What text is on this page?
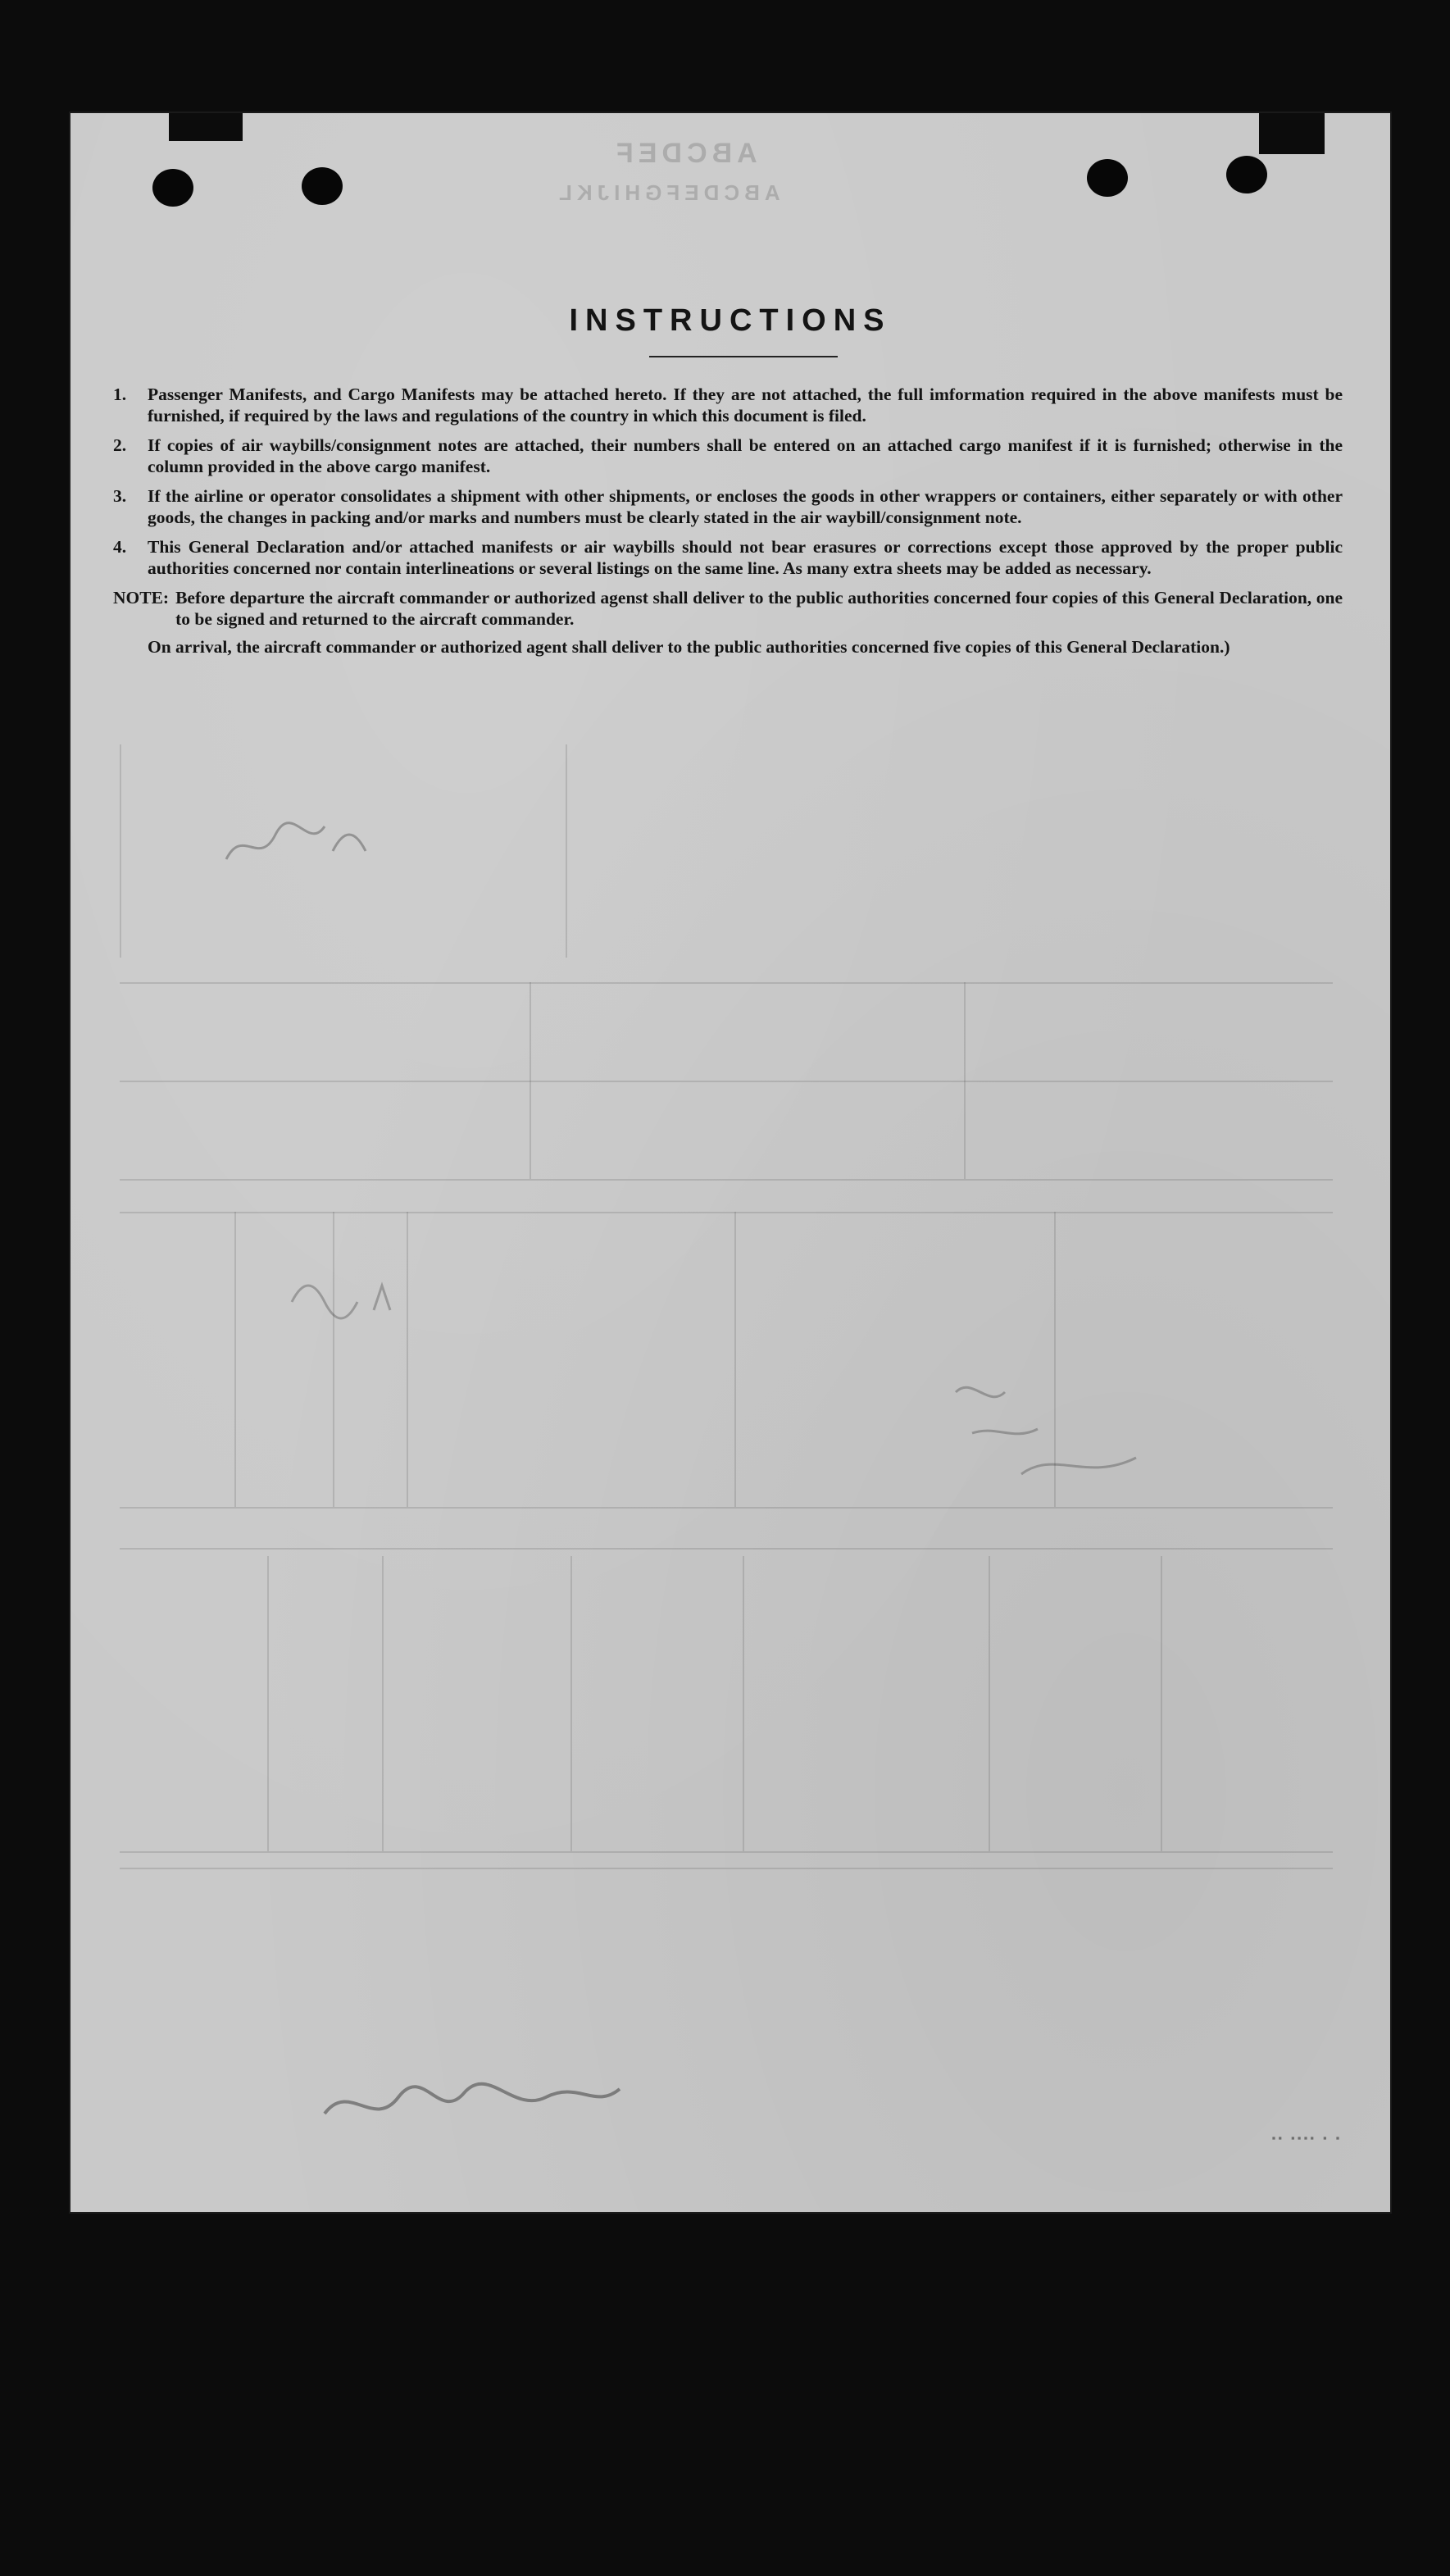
ABCDEF
ABCDEFGHIJKL
INSTRUCTIONS
1.	Passenger Manifests, and Cargo Manifests may be attached hereto. If they are not attached, the full imformation required in the above manifests must be furnished, if required by the laws and regulations of the country in which this document is filed.
2.	If copies of air waybills/consignment notes are attached, their numbers shall be entered on an attached cargo manifest if it is furnished; otherwise in the column provided in the above cargo manifest.
3.	If the airline or operator consolidates a shipment with other shipments, or encloses the goods in other wrappers or containers, either separately or with other goods, the changes in packing and/or marks and numbers must be clearly stated in the air waybill/consignment note.
4.	This General Declaration and/or attached manifests or air waybills should not bear erasures or corrections except those approved by the proper public authorities concerned nor contain interlineations or several listings on the same line. As many extra sheets may be added as necessary.
NOTE: Before departure the aircraft commander or authorized agenst shall deliver to the public authorities concerned four copies of this General Declaration, one to be signed and returned to the aircraft commander.

On arrival, the aircraft commander or authorized agent shall deliver to the public authorities concerned five copies of this General Declaration.)
▪ ▪ ▪▪▪▪ ▪▪
